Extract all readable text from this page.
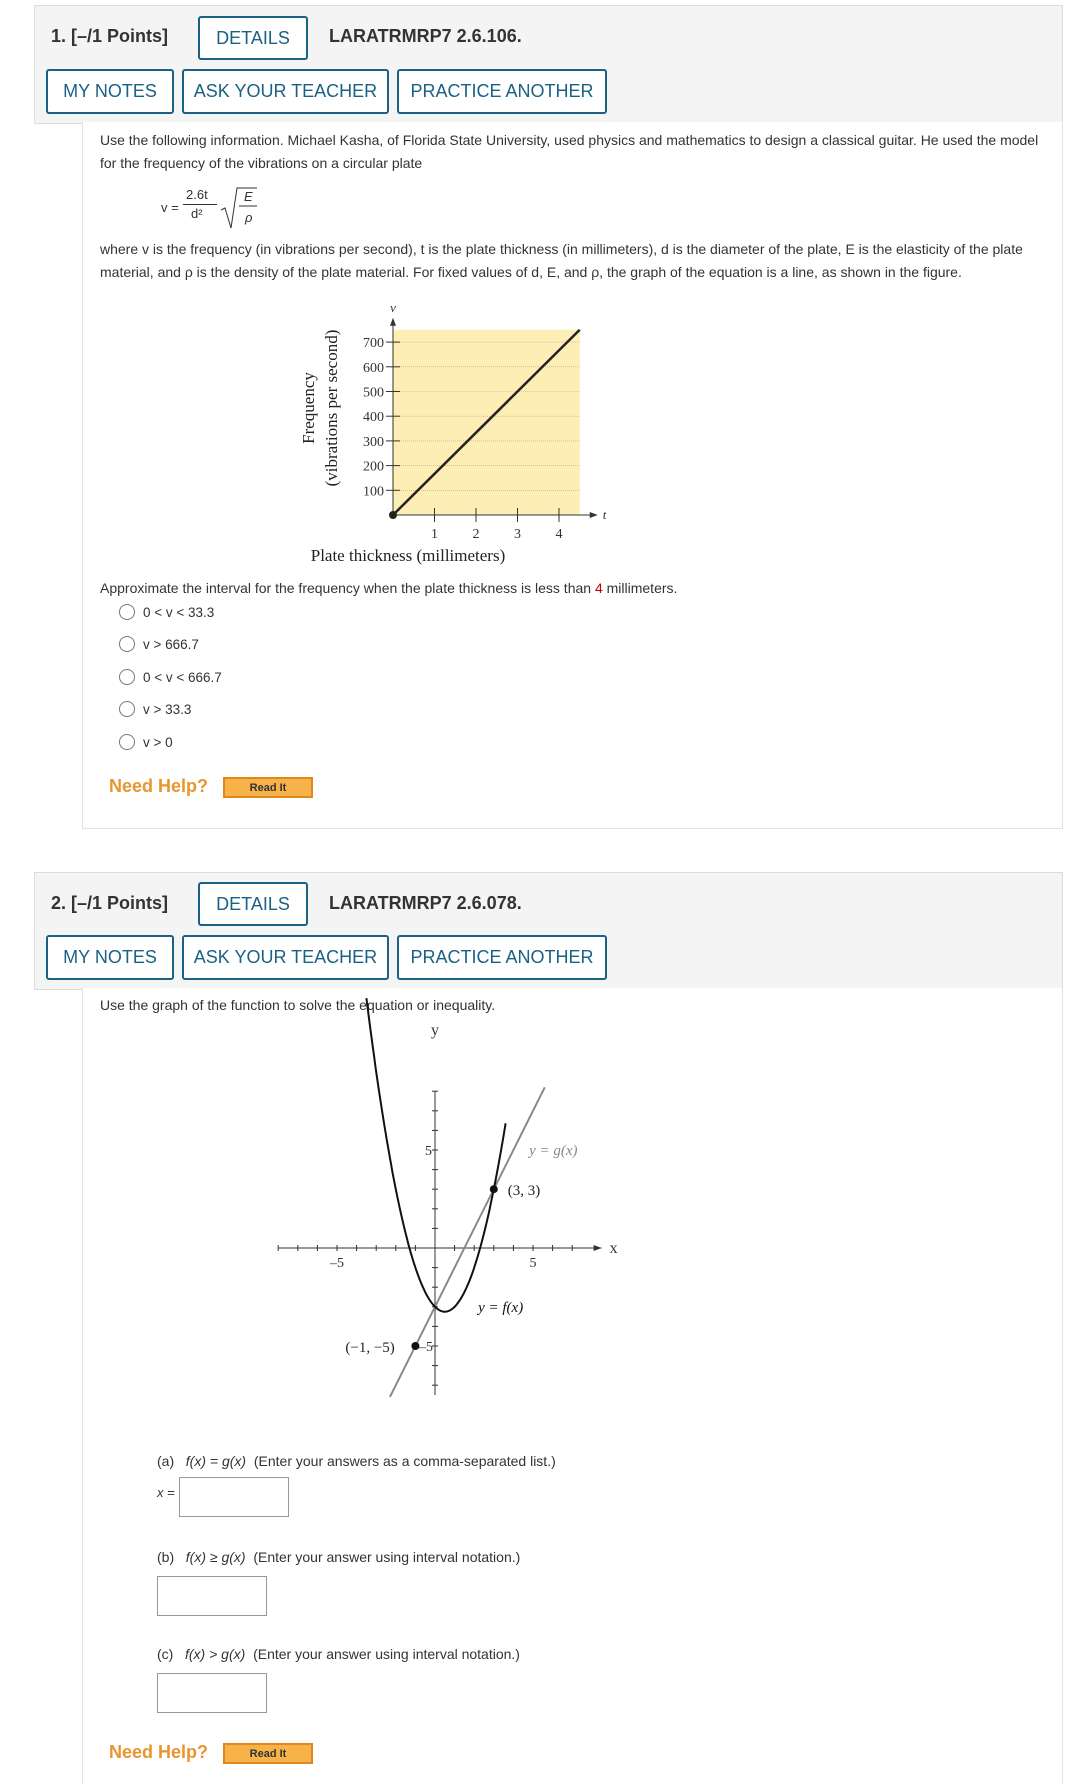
1. [–/1 Points]	DETAILS	LARATRMRP7 2.6.106.
MY NOTES	ASK YOUR TEACHER	PRACTICE ANOTHER
Use the following information. Michael Kasha, of Florida State University, used physics and mathematics to design a classical guitar. He used the model for the frequency of the vibrations on a circular plate
v =
2.6t
d²
E
ρ
where v is the frequency (in vibrations per second), t is the plate thickness (in millimeters), d is the diameter of the plate, E is the elasticity of the plate material, and ρ is the density of the plate material. For fixed values of d, E, and ρ, the graph of the equation is a line, as shown in the figure.
100
200
300
400
500
600
700
1 2 3 4
v
t
Plate thickness (millimeters)
Frequency (vibrations per second)
Approximate the interval for the frequency when the plate thickness is less than 4 millimeters.
0 < v < 33.3
v > 666.7
0 < v < 666.7
v > 33.3
v > 0
Need Help?	Read It
2. [–/1 Points]	DETAILS	LARATRMRP7 2.6.078.
MY NOTES	ASK YOUR TEACHER	PRACTICE ANOTHER
Use the graph of the function to solve the equation or inequality.
–5	5
5
–5
y
x
y = g(x)
y = f(x)
(3, 3)
(−1, −5)
(a) f(x) = g(x) (Enter your answers as a comma-separated list.)
x =
(b) f(x) ≥ g(x) (Enter your answer using interval notation.)
(c) f(x) > g(x) (Enter your answer using interval notation.)
Need Help?	Read It
